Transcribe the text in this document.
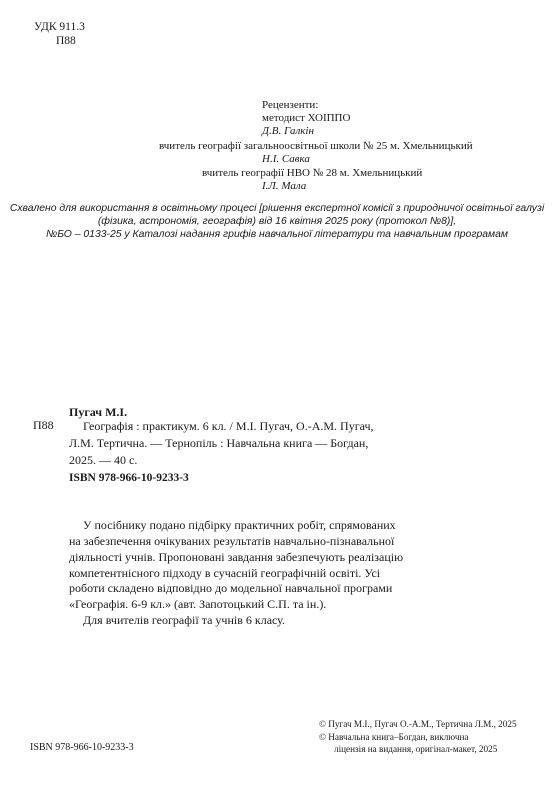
УДК 911.3
П88
Рецензенти:
методист ХОІППО
Д.В. Галкін
вчитель географії загальноосвітньої школи № 25 м. Хмельницький
Н.І. Савка
вчитель географії НВО № 28 м. Хмельницький
І.Л. Мала
Схвалено для використання в освітньому процесі [рішення експертної комісії з природничої освітньої галузі
(фізика, астрономія, географія) від 16 квітня 2025 року (протокол №8)],
№БО – 0133-25 у Каталозі надання грифів навчальної літератури та навчальним програмам
П88
Пугач М.І.
Географія : практикум. 6 кл. / М.І. Пугач, О.-А.М. Пугач,
Л.М. Тертична. — Тернопіль : Навчальна книга — Богдан,
2025. — 40 с.
ISBN 978-966-10-9233-3
У посібнику подано підбірку практичних робіт, спрямованих
на забезпечення очікуваних результатів навчально-пізнавальної
діяльності учнів. Пропоновані завдання забезпечують реалізацію
компетентнісного підходу в сучасній географічній освіті. Усі
роботи складено відповідно до модельної навчальної програми
«Географія. 6-9 кл.» (авт. Запотоцький С.П. та ін.).
Для вчителів географії та учнів 6 класу.
ISBN 978-966-10-9233-3
© Пугач М.І., Пугач О.-А.М., Тертична Л.М., 2025
© Навчальна книга–Богдан, виключна
ліцензія на видання, оригінал-макет, 2025
